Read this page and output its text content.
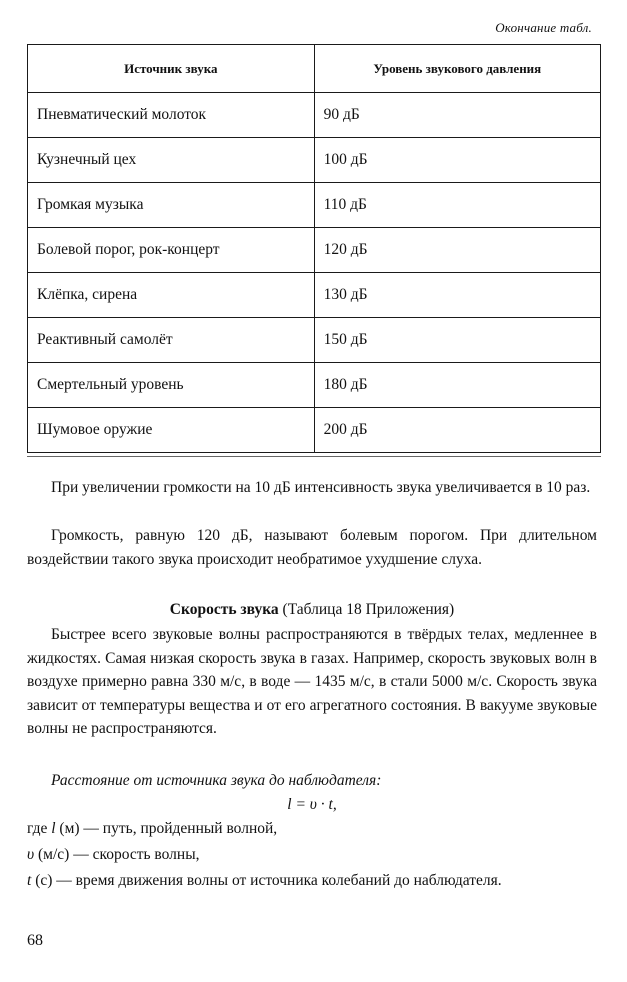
Окончание табл.
Источник звука	Уровень звукового давления
Пневматический молоток	90 дБ
Кузнечный цех	100 дБ
Громкая музыка	110 дБ
Болевой порог, рок-концерт	120 дБ
Клёпка, сирена	130 дБ
Реактивный самолёт	150 дБ
Смертельный уровень	180 дБ
Шумовое оружие	200 дБ

При увеличении громкости на 10 дБ интенсивность звука увеличивается в 10 раз.

Громкость, равную 120 дБ, называют болевым порогом. При длительном воздействии такого звука происходит необратимое ухудшение слуха.

Скорость звука (Таблица 18 Приложения)

Быстрее всего звуковые волны распространяются в твёрдых телах, медленнее в жидкостях. Самая низкая скорость звука в газах. Например, скорость звуковых волн в воздухе примерно равна 330 м/с, в воде — 1435 м/с, в стали 5000 м/с. Скорость звука зависит от температуры вещества и от его агрегатного состояния. В вакууме звуковые волны не распространяются.

Расстояние от источника звука до наблюдателя:

l = υ · t,
где l (м) — путь, пройденный волной,
υ (м/с) — скорость волны,
t (с) — время движения волны от источника колебаний до наблюдателя.
68
